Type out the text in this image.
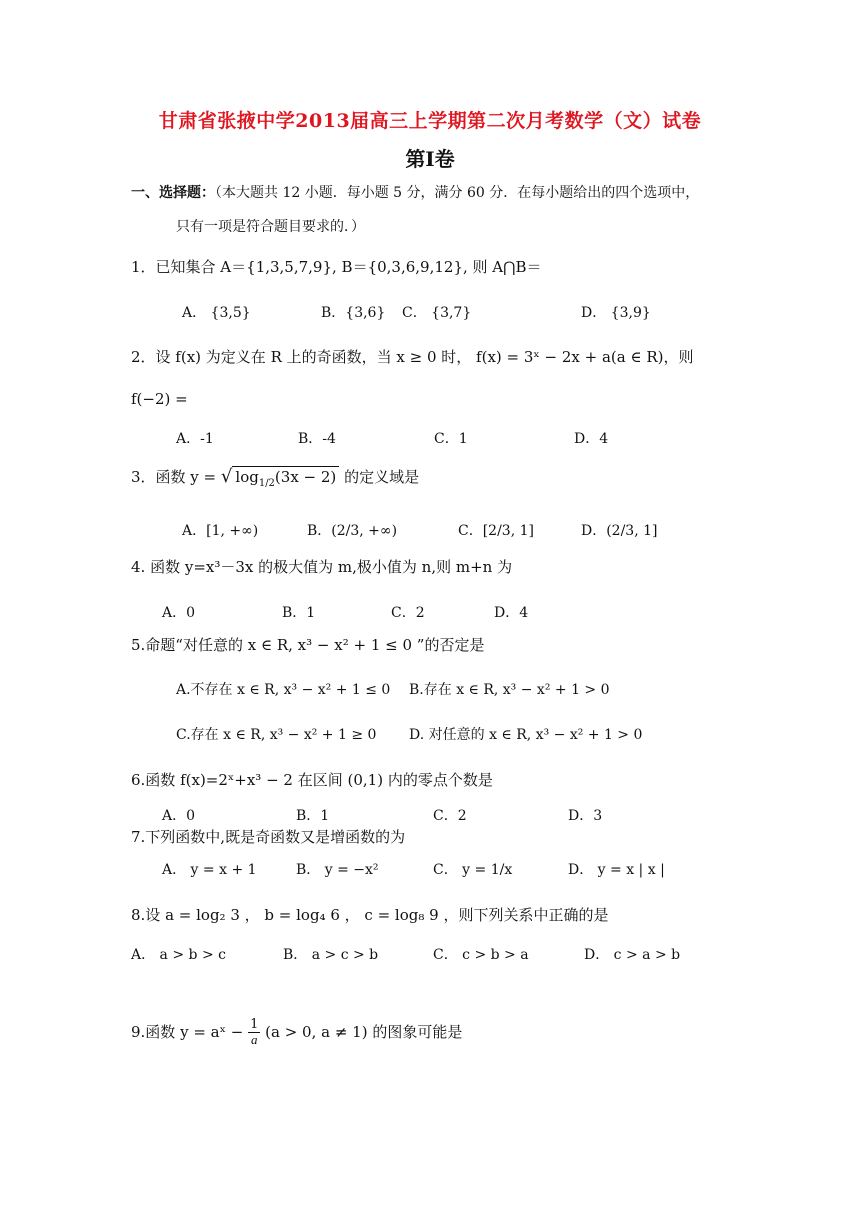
甘肃省张掖中学2013届高三上学期第二次月考数学（文）试卷
第Ⅰ卷
一、选择题：（本大题共 12 小题．每小题 5 分，满分 60 分．在每小题给出的四个选项中，
只有一项是符合题目要求的．）
1．已知集合 A＝{1,3,5,7,9}, B＝{0,3,6,9,12}, 则 A⋂B＝
A． {3,5}	B．{3,6} C． {3,7}	D． {3,9}
2．设 f(x) 为定义在 R 上的奇函数，当 x ≥ 0 时， f(x) = 3ˣ − 2x + a(a ∈ R)，则
f(−2) =
A．-1	B．-4	C．1	D．4
3．函数 y = √ $\log_{1/2}(3x - 2)$ 的定义域是
A．[1, +∞)	B．(2/3, +∞)	C．[2/3, 1]	D．(2/3, 1]
4. 函数 y=x³－3x 的极大值为 m,极小值为 n,则 m+n 为
A．0	B．1	C．2	D．4
5.命题“对任意的 x ∈ R, x³ − x² + 1 ≤ 0 ”的否定是
A.不存在 x ∈ R, x³ − x² + 1 ≤ 0 B.存在 x ∈ R, x³ − x² + 1 > 0
C.存在 x ∈ R, x³ − x² + 1 ≥ 0 D. 对任意的 x ∈ R, x³ − x² + 1 > 0
6.函数 f(x)=2ˣ+x³ − 2 在区间 (0,1) 内的零点个数是
A．0	B．1	C．2	D．3
7.下列函数中,既是奇函数又是增函数的为
A． y = x + 1	B． y = −x²	C． y = 1/x	D． y = x | x |
8.设 a = log₂ 3 ， b = log₄ 6 ， c = log₈ 9 ，则下列关系中正确的是
A． a > b > c	B． a > c > b	C． c > b > a	D． c > a > b
9.函数 y = aˣ − $\frac{1}{a} (a > 0$, a ≠ 1) 的图象可能是
